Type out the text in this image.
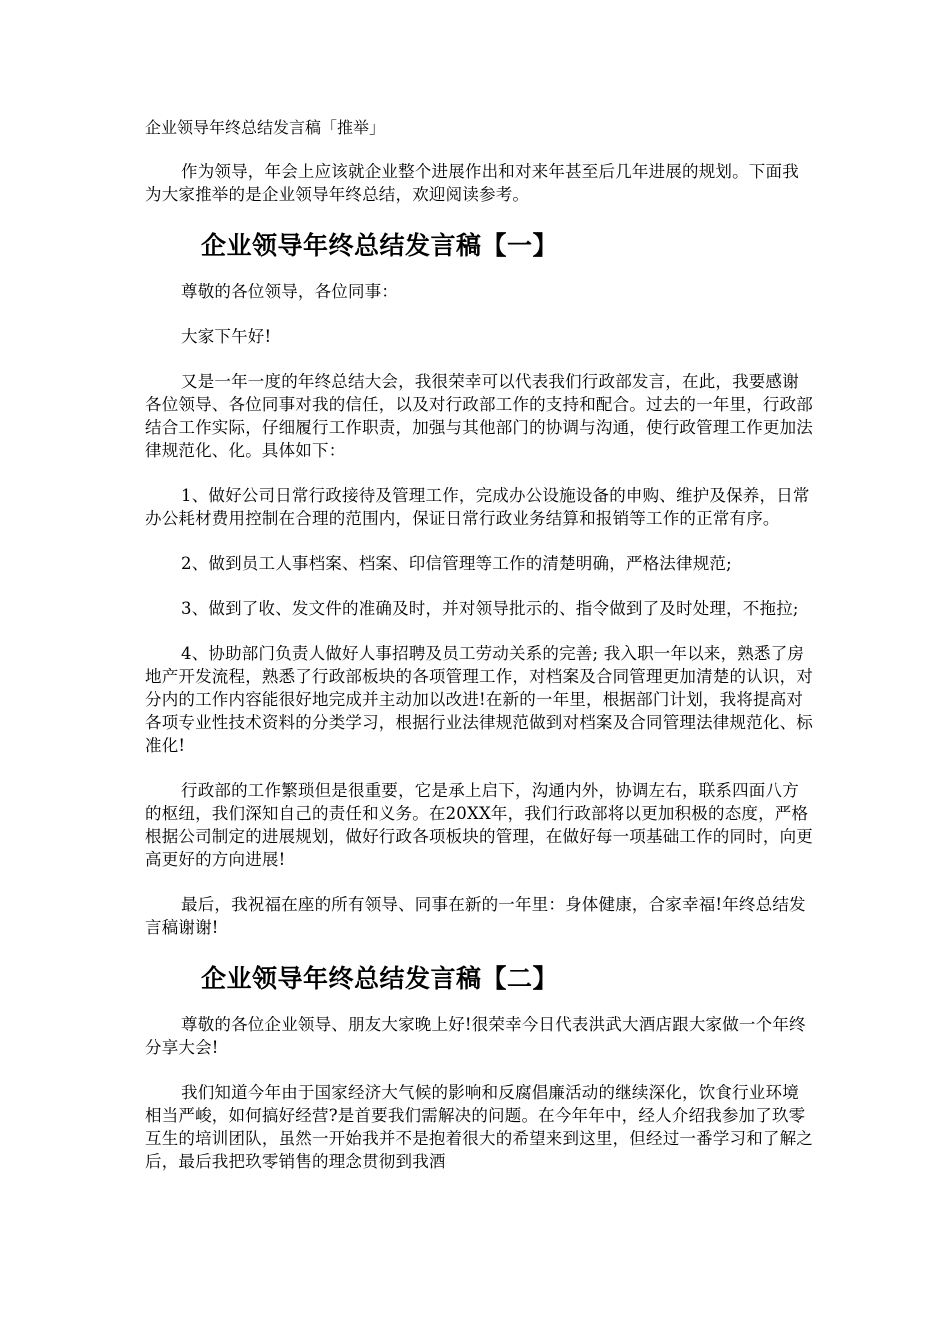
企业领导年终总结发言稿「推举」

作为领导，年会上应该就企业整个进展作出和对来年甚至后几年进展的规划。下面我为大家推举的是企业领导年终总结，欢迎阅读参考。

企业领导年终总结发言稿【一】

尊敬的各位领导，各位同事：

大家下午好!

又是一年一度的年终总结大会，我很荣幸可以代表我们行政部发言，在此，我要感谢各位领导、各位同事对我的信任，以及对行政部工作的支持和配合。过去的一年里，行政部结合工作实际，仔细履行工作职责，加强与其他部门的协调与沟通，使行政管理工作更加法律规范化、化。具体如下：

1、做好公司日常行政接待及管理工作，完成办公设施设备的申购、维护及保养，日常办公耗材费用控制在合理的范围内，保证日常行政业务结算和报销等工作的正常有序。

2、做到员工人事档案、档案、印信管理等工作的清楚明确，严格法律规范;

3、做到了收、发文件的准确及时，并对领导批示的、指令做到了及时处理，不拖拉;

4、协助部门负责人做好人事招聘及员工劳动关系的完善; 我入职一年以来，熟悉了房地产开发流程，熟悉了行政部板块的各项管理工作，对档案及合同管理更加清楚的认识，对分内的工作内容能很好地完成并主动加以改进!在新的一年里，根据部门计划，我将提高对各项专业性技术资料的分类学习，根据行业法律规范做到对档案及合同管理法律规范化、标准化!

行政部的工作繁琐但是很重要，它是承上启下，沟通内外，协调左右，联系四面八方的枢纽，我们深知自己的责任和义务。在20XX年，我们行政部将以更加积极的态度，严格根据公司制定的进展规划，做好行政各项板块的管理，在做好每一项基础工作的同时，向更高更好的方向进展!

最后，我祝福在座的所有领导、同事在新的一年里：身体健康，合家幸福!年终总结发言稿谢谢!

企业领导年终总结发言稿【二】

尊敬的各位企业领导、朋友大家晚上好!很荣幸今日代表洪武大酒店跟大家做一个年终分享大会!

我们知道今年由于国家经济大气候的影响和反腐倡廉活动的继续深化，饮食行业环境相当严峻，如何搞好经营?是首要我们需解决的问题。在今年年中，经人介绍我参加了玖零互生的培训团队，虽然一开始我并不是抱着很大的希望来到这里，但经过一番学习和了解之后，最后我把玖零销售的理念贯彻到我酒
